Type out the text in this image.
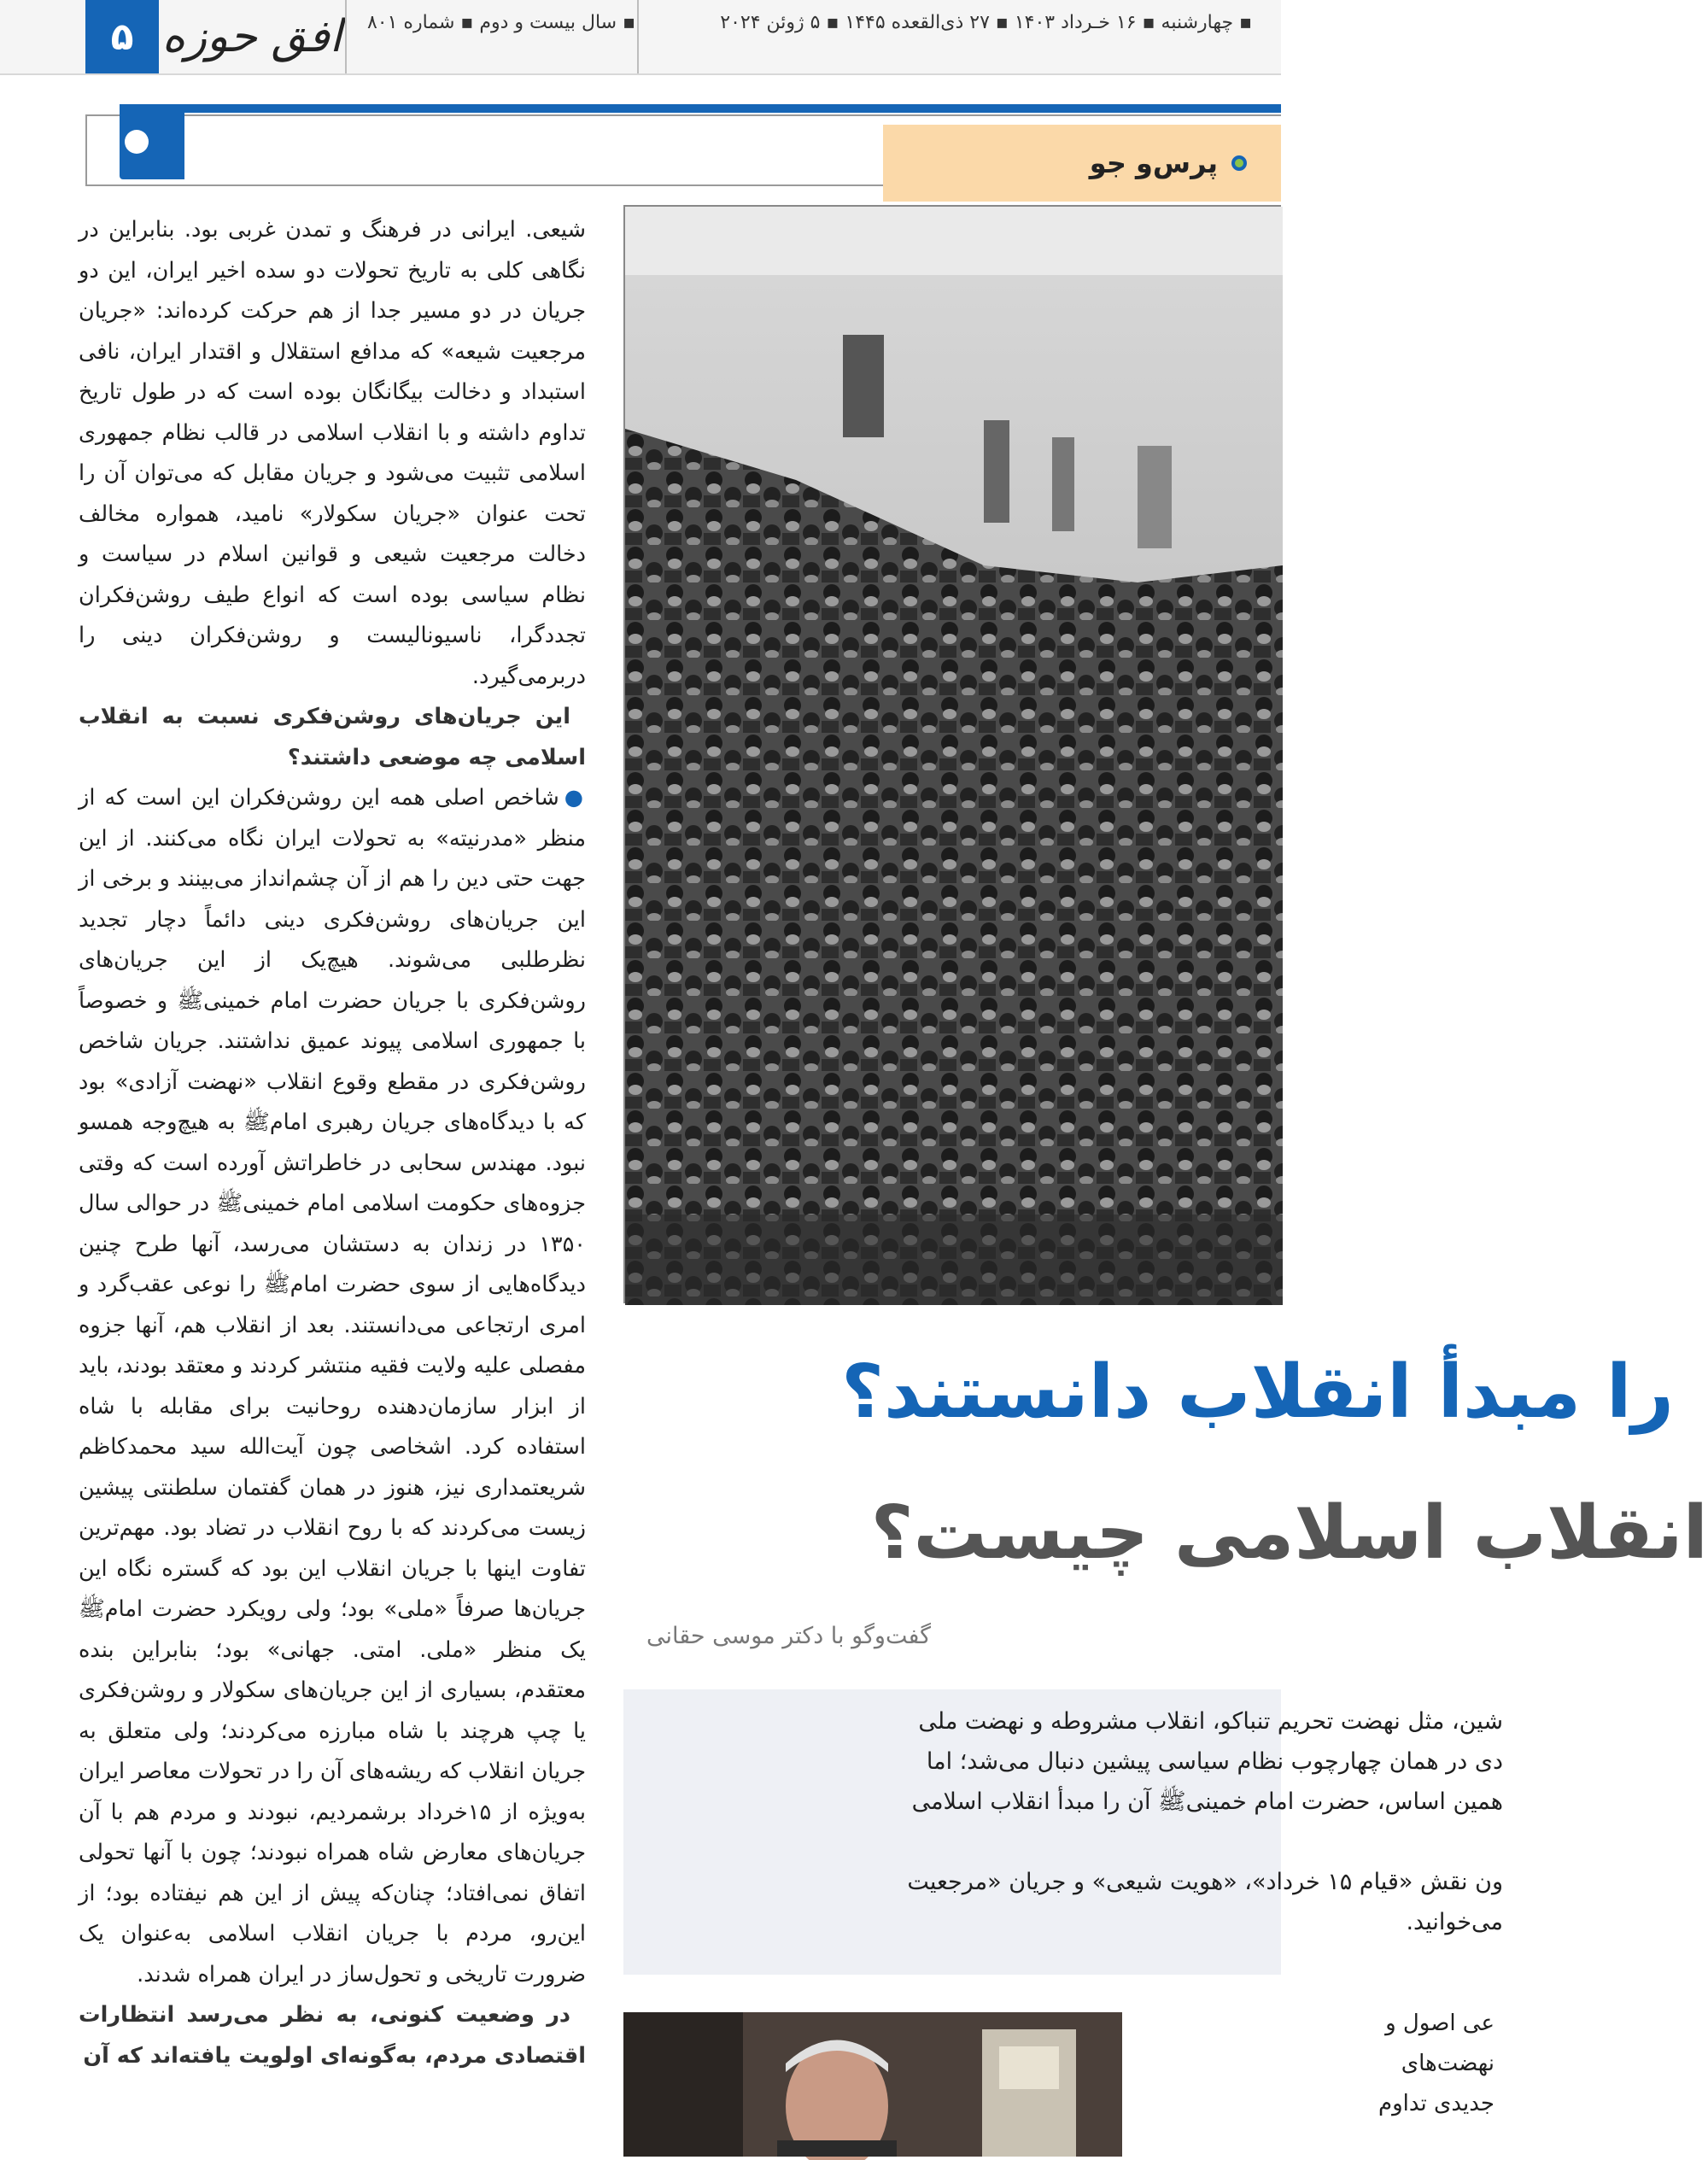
۵ افق حوزه	▪ سال بیست و دوم ▪ شماره ۸۰۱	▪ چهارشنبه ▪ ۱۶ خـرداد ۱۴۰۳ ▪ ۲۷ ذی‌القعده ۱۴۴۵ ▪ ۵ ژوئن ۲۰۲۴
پرس‌و جو

شیعی. ایرانی در فرهنگ و تمدن غربی بود. بنابراین در نگاهی کلی به تاریخ تحولات دو سده اخیر ایران، این دو جریان در دو مسیر جدا از هم حرکت کرده‌اند: «جریان مرجعیت شیعه» که مدافع استقلال و اقتدار ایران، نافی استبداد و دخالت بیگانگان بوده است که در طول تاریخ تداوم داشته و با انقلاب اسلامی در قالب نظام جمهوری اسلامی تثبیت می‌شود و جریان مقابل که می‌توان آن را تحت عنوان «جریان سکولار» نامید، همواره مخالف دخالت مرجعیت شیعی و قوانین اسلام در سیاست و نظام سیاسی بوده است که انواع طیف روشن‌فکران تجددگرا، ناسیونالیست و روشن‌فکران دینی را دربرمی‌گیرد.

این جریان‌های روشن‌فکری نسبت به انقلاب اسلامی چه موضعی داشتند؟

●شاخص اصلی همه این روشن‌فکران این است که از منظر «مدرنیته» به تحولات ایران نگاه می‌کنند. از این جهت حتی دین را هم از آن چشم‌انداز می‌بینند و برخی از این جریان‌های روشن‌فکری دینی دائماً دچار تجدید نظرطلبی می‌شوند. هیچ‌یک از این جریان‌های روشن‌فکری با جریان حضرت امام خمینیﷺ و خصوصاً با جمهوری اسلامی پیوند عمیق نداشتند. جریان شاخص روشن‌فکری در مقطع وقوع انقلاب «نهضت آزادی» بود که با دیدگاه‌های جریان رهبری امامﷺ به هیچ‌وجه همسو نبود. مهندس سحابی در خاطراتش آورده است که وقتی جزوه‌های حکومت اسلامی امام خمینیﷺ در حوالی سال ۱۳۵۰ در زندان به دستشان می‌رسد، آنها طرح چنین دیدگاه‌هایی از سوی حضرت امامﷺ را نوعی عقب‌گرد و امری ارتجاعی می‌دانستند. بعد از انقلاب هم، آنها جزوه مفصلی علیه ولایت فقیه منتشر کردند و معتقد بودند، باید از ابزار سازمان‌دهنده روحانیت برای مقابله با شاه استفاده کرد. اشخاصی چون آیت‌الله سید محمدکاظم شریعتمداری نیز، هنوز در همان گفتمان سلطنتی پیشین زیست می‌کردند که با روح انقلاب در تضاد بود. مهم‌ترین تفاوت اینها با جریان انقلاب این بود که گستره نگاه این جریان‌ها صرفاً «ملی» بود؛ ولی رویکرد حضرت امامﷺ یک منظر «ملی. امتی. جهانی» بود؛ بنابراین بنده معتقدم، بسیاری از این جریان‌های سکولار و روشن‌فکری یا چپ هرچند با شاه مبارزه می‌کردند؛ ولی متعلق به جریان انقلاب که ریشه‌های آن را در تحولات معاصر ایران به‌ویژه از ۱۵خرداد برشمردیم، نبودند و مردم هم با آن جریان‌های معارض شاه همراه نبودند؛ چون با آنها تحولی اتفاق نمی‌افتاد؛ چنان‌که پیش از این هم نیفتاده بود؛ از این‌رو، مردم با جریان انقلاب اسلامی به‌عنوان یک ضرورت تاریخی و تحول‌ساز در ایران همراه شدند.

در وضعیت کنونی، به نظر می‌رسد انتظارات اقتصادی مردم، به‌گونه‌ای اولویت یافته‌اند که آن

را مبدأ انقلاب دانستند؟
انقلاب اسلامی چیست؟
گفت‌وگو با دکتر موسی حقانی
شین، مثل نهضت تحریم تنباکو، انقلاب مشروطه و نهضت ملی
دی در همان چهارچوب نظام سیاسی پیشین دنبال می‌شد؛ اما
همین اساس، حضرت امام خمینیﷺ آن را مبدأ انقلاب اسلامی
ون نقش «قیام ۱۵ خرداد»، «هویت شیعی» و جریان «مرجعیت
می‌خوانید.
عی اصول و
نهضت‌های
جدیدی تداوم
